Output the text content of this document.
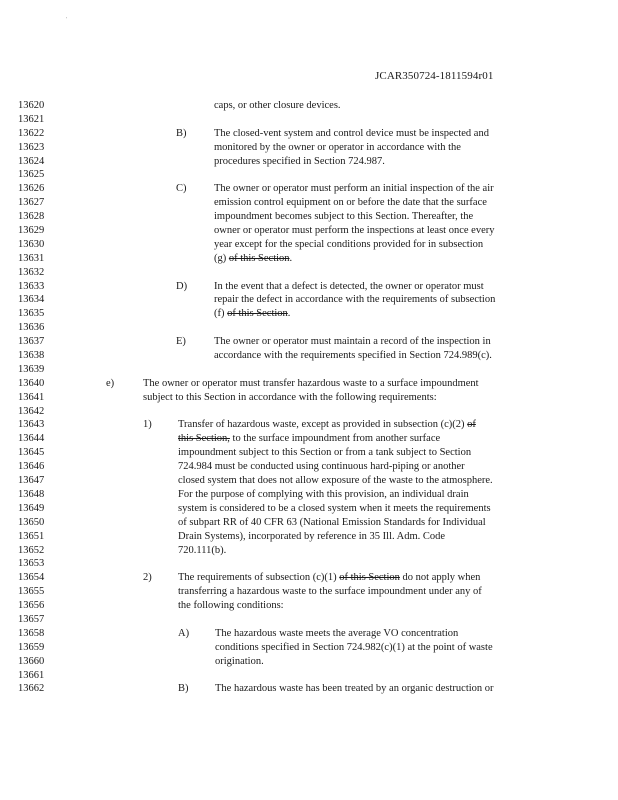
'
JCAR350724-1811594r01
13620
13621
13622
13623
13624
13625
13626
13627
13628
13629
13630
13631
13632
13633
13634
13635
13636
13637
13638
13639
13640
13641
13642
13643
13644
13645
13646
13647
13648
13649
13650
13651
13652
13653
13654
13655
13656
13657
13658
13659
13660
13661
13662
caps, or other closure devices.
B)	The closed-vent system and control device must be inspected and
monitored by the owner or operator in accordance with the
procedures specified in Section 724.987.
C)	The owner or operator must perform an initial inspection of the air
emission control equipment on or before the date that the surface
impoundment becomes subject to this Section. Thereafter, the
owner or operator must perform the inspections at least once every
year except for the special conditions provided for in subsection
(g) of this Section.
D)	In the event that a defect is detected, the owner or operator must
repair the defect in accordance with the requirements of subsection
(f) of this Section.
E)	The owner or operator must maintain a record of the inspection in
accordance with the requirements specified in Section 724.989(c).
e)	The owner or operator must transfer hazardous waste to a surface impoundment
subject to this Section in accordance with the following requirements:
1)	Transfer of hazardous waste, except as provided in subsection (c)(2) of
this Section, to the surface impoundment from another surface
impoundment subject to this Section or from a tank subject to Section
724.984 must be conducted using continuous hard-piping or another
closed system that does not allow exposure of the waste to the atmosphere.
For the purpose of complying with this provision, an individual drain
system is considered to be a closed system when it meets the requirements
of subpart RR of 40 CFR 63 (National Emission Standards for Individual
Drain Systems), incorporated by reference in 35 Ill. Adm. Code
720.111(b).
2)	The requirements of subsection (c)(1) of this Section do not apply when
transferring a hazardous waste to the surface impoundment under any of
the following conditions:
A) The hazardous waste meets the average VO concentration
conditions specified in Section 724.982(c)(1) at the point of waste
origination.
B)	The hazardous waste has been treated by an organic destruction or
